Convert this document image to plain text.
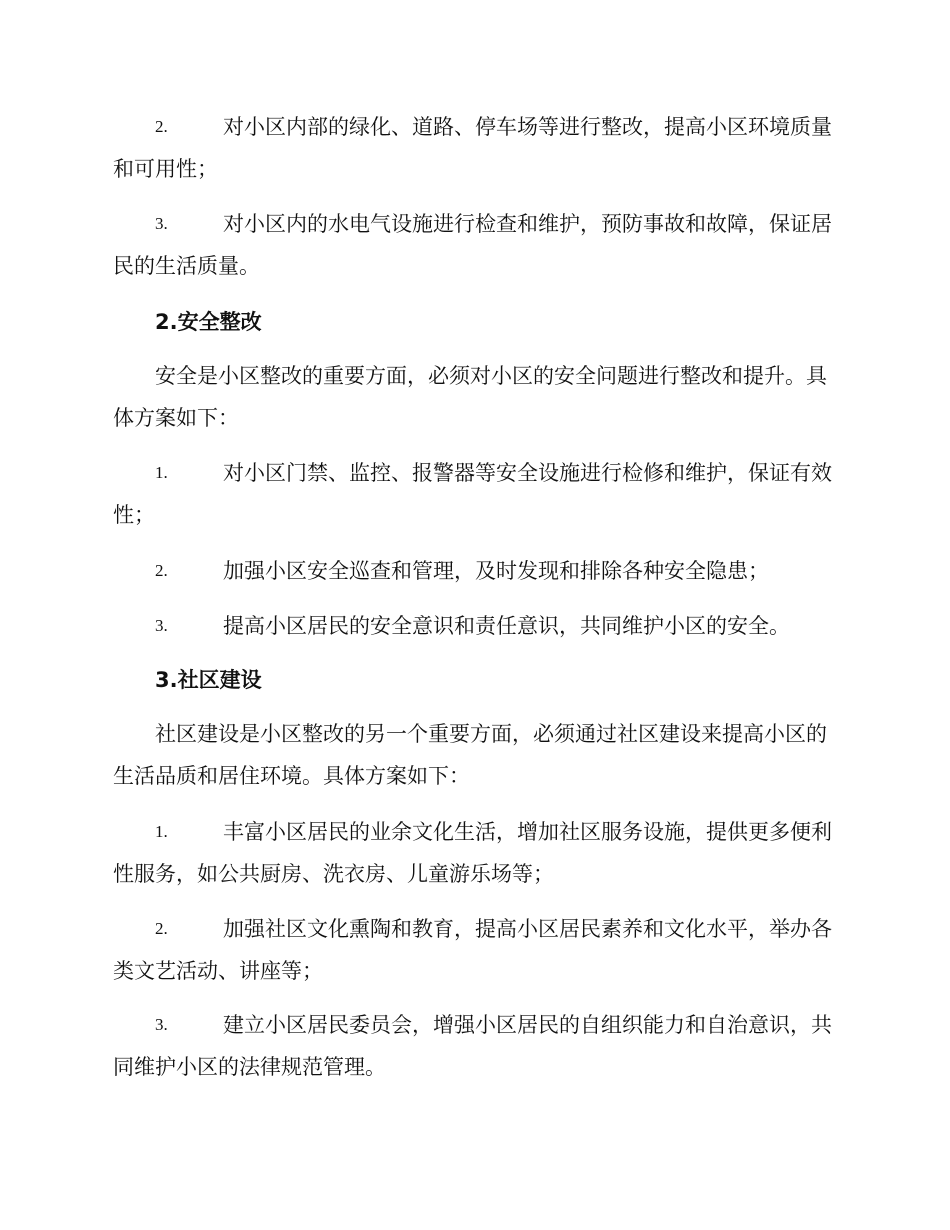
2.	对小区内部的绿化、道路、停车场等进行整改，提高小区环境质量和可用性；
3.	对小区内的水电气设施进行检查和维护，预防事故和故障，保证居民的生活质量。
2.安全整改
安全是小区整改的重要方面，必须对小区的安全问题进行整改和提升。具体方案如下：
1.	对小区门禁、监控、报警器等安全设施进行检修和维护，保证有效性；
2.	加强小区安全巡查和管理，及时发现和排除各种安全隐患；
3.	提高小区居民的安全意识和责任意识，共同维护小区的安全。
3.社区建设
社区建设是小区整改的另一个重要方面，必须通过社区建设来提高小区的生活品质和居住环境。具体方案如下：
1.	丰富小区居民的业余文化生活，增加社区服务设施，提供更多便利性服务，如公共厨房、洗衣房、儿童游乐场等；
2.	加强社区文化熏陶和教育，提高小区居民素养和文化水平，举办各类文艺活动、讲座等；
3.	建立小区居民委员会，增强小区居民的自组织能力和自治意识，共同维护小区的法律规范管理。
